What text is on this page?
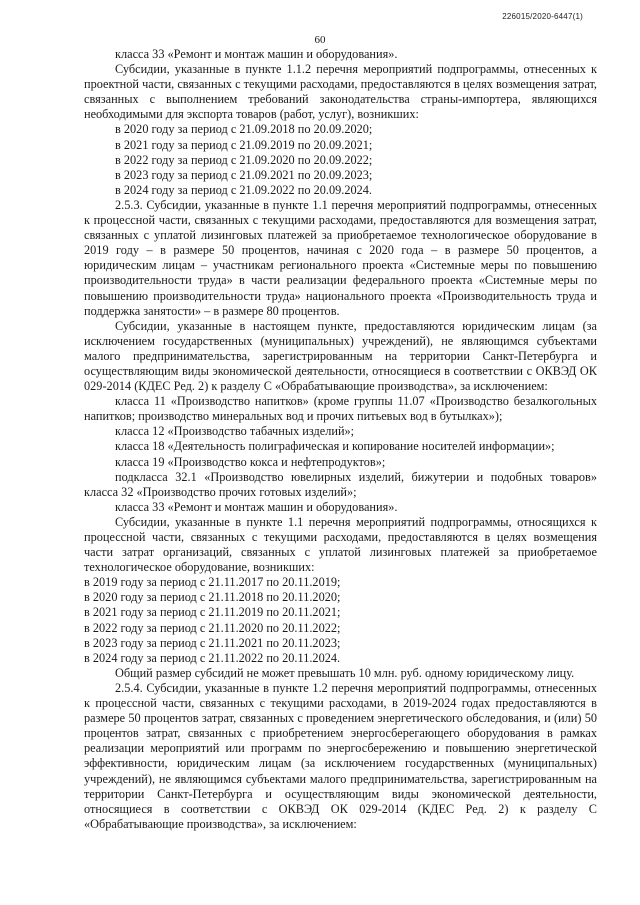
226015/2020-6447(1)
60

класса 33 «Ремонт и монтаж машин и оборудования».

Субсидии, указанные в пункте 1.1.2 перечня мероприятий подпрограммы, отнесенных к проектной части, связанных с текущими расходами, предоставляются в целях возмещения затрат, связанных с выполнением требований законодательства страны-импортера, являющихся необходимыми для экспорта товаров (работ, услуг), возникших:

в 2020 году за период с 21.09.2018 по 20.09.2020;

в 2021 году за период с 21.09.2019 по 20.09.2021;

в 2022 году за период с 21.09.2020 по 20.09.2022;

в 2023 году за период с 21.09.2021 по 20.09.2023;

в 2024 году за период с 21.09.2022 по 20.09.2024.

2.5.3. Субсидии, указанные в пункте 1.1 перечня мероприятий подпрограммы, отнесенных к процессной части, связанных с текущими расходами, предоставляются для возмещения затрат, связанных с уплатой лизинговых платежей за приобретаемое технологическое оборудование в 2019 году – в размере 50 процентов, начиная с 2020 года – в размере 50 процентов, а юридическим лицам – участникам регионального проекта «Системные меры по повышению производительности труда» в части реализации федерального проекта «Системные меры по повышению производительности труда» национального проекта «Производительность труда и поддержка занятости» – в размере 80 процентов.

Субсидии, указанные в настоящем пункте, предоставляются юридическим лицам (за исключением государственных (муниципальных) учреждений), не являющимся субъектами малого предпринимательства, зарегистрированным на территории Санкт-Петербурга и осуществляющим виды экономической деятельности, относящиеся в соответствии с ОКВЭД ОК 029-2014 (КДЕС Ред. 2) к разделу С «Обрабатывающие производства», за исключением:

класса 11 «Производство напитков» (кроме группы 11.07 «Производство безалкогольных напитков; производство минеральных вод и прочих питьевых вод в бутылках»);

класса 12 «Производство табачных изделий»;

класса 18 «Деятельность полиграфическая и копирование носителей информации»;

класса 19 «Производство кокса и нефтепродуктов»;

подкласса 32.1 «Производство ювелирных изделий, бижутерии и подобных товаров» класса 32 «Производство прочих готовых изделий»;

класса 33 «Ремонт и монтаж машин и оборудования».

Субсидии, указанные в пункте 1.1 перечня мероприятий подпрограммы, относящихся к процессной части, связанных с текущими расходами, предоставляются в целях возмещения части затрат организаций, связанных с уплатой лизинговых платежей за приобретаемое технологическое оборудование, возникших:

в 2019 году за период с 21.11.2017 по 20.11.2019;

в 2020 году за период с 21.11.2018 по 20.11.2020;

в 2021 году за период с 21.11.2019 по 20.11.2021;

в 2022 году за период с 21.11.2020 по 20.11.2022;

в 2023 году за период с 21.11.2021 по 20.11.2023;

в 2024 году за период с 21.11.2022 по 20.11.2024.

Общий размер субсидий не может превышать 10 млн. руб. одному юридическому лицу.

2.5.4. Субсидии, указанные в пункте 1.2 перечня мероприятий подпрограммы, отнесенных к процессной части, связанных с текущими расходами, в 2019-2024 годах предоставляются в размере 50 процентов затрат, связанных с проведением энергетического обследования, и (или) 50 процентов затрат, связанных с приобретением энергосберегающего оборудования в рамках реализации мероприятий или программ по энергосбережению и повышению энергетической эффективности, юридическим лицам (за исключением государственных (муниципальных) учреждений), не являющимся субъектами малого предпринимательства, зарегистрированным на территории Санкт-Петербурга и осуществляющим виды экономической деятельности, относящиеся в соответствии с ОКВЭД ОК 029-2014 (КДЕС Ред. 2) к разделу С «Обрабатывающие производства», за исключением:
